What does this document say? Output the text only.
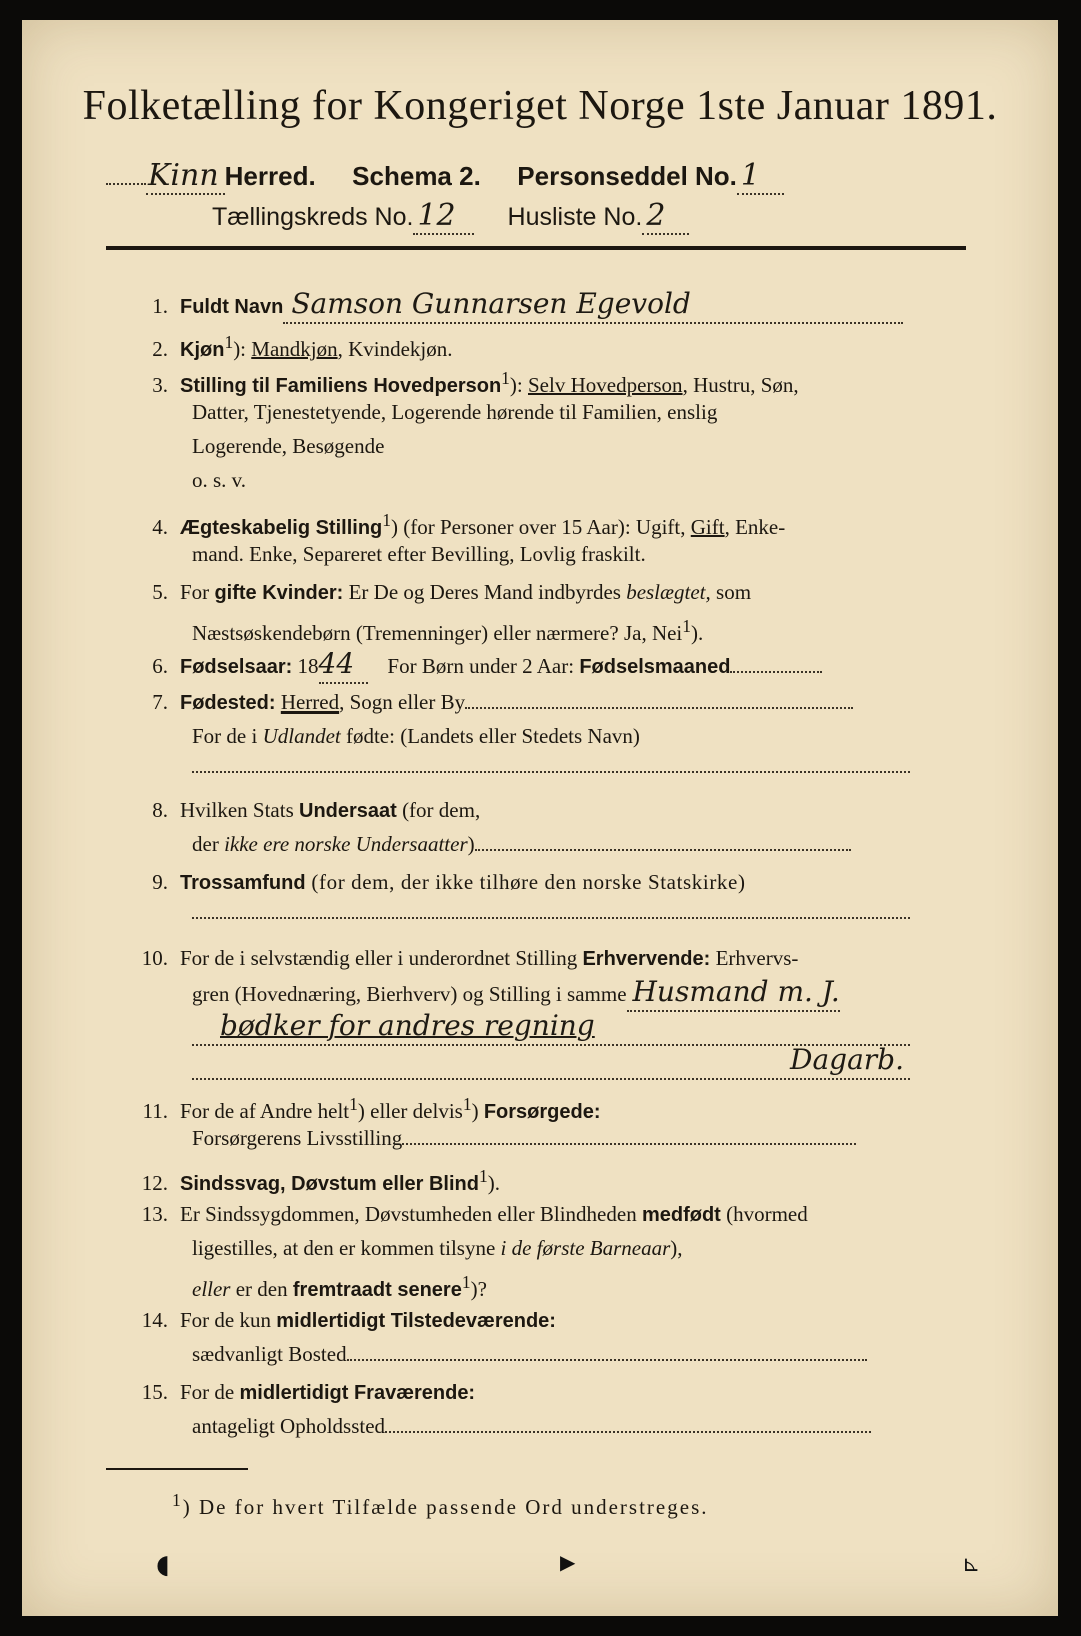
Folketælling for Kongeriget Norge 1ste Januar 1891.
Kinn Herred. Schema 2. Personseddel No. 1
Tællingskreds No. 12 Husliste No. 2
1. Fuldt Navn Samson Gunnarsen Egevold
2. Kjøn$^1$): Mandkjøn, Kvindekjøn.
3. Stilling til Familiens Hovedperson$^1$): Selv Hovedperson, Hustru, Søn,
Datter, Tjenestetyende, Logerende hørende til Familien, enslig
Logerende, Besøgende
o. s. v.
4. Ægteskabelig Stilling$^1$) (for Personer over 15 Aar): Ugift, Gift, Enke-
mand. Enke, Separeret efter Bevilling, Lovlig fraskilt.
5. For gifte Kvinder: Er De og Deres Mand indbyrdes beslægtet, som
Næstsøskendebørn (Tremenninger) eller nærmere? Ja, Nei$^1$).
6. Fødselsaar: 1844 For Børn under 2 Aar: Fødselsmaaned
7. Fødested: Herred, Sogn eller By
For de i Udlandet fødte: (Landets eller Stedets Navn)
8. Hvilken Stats Undersaat (for dem,
der ikke ere norske Undersaatter)
9. Trossamfund (for dem, der ikke tilhøre den norske Statskirke)
10. For de i selvstændig eller i underordnet Stilling Erhvervende: Erhvervs-
gren (Hovednæring, Bierhverv) og Stilling i samme Husmand m. J.
bødker for andres regning
Dagarb.
11. For de af Andre helt$^1$) eller delvis$^1$) Forsørgede:
Forsørgerens Livsstilling
12. Sindssvag, Døvstum eller Blind$^1$).
13. Er Sindssygdommen, Døvstumheden eller Blindheden medfødt (hvormed
ligestilles, at den er kommen tilsyne i de første Barneaar),
eller er den fremtraadt senere$^1$)?
14. For de kun midlertidigt Tilstedeværende:
sædvanligt Bosted
15. For de midlertidigt Fraværende:
antageligt Opholdssted
$^1$) De for hvert Tilfælde passende Ord understreges.
◖	▶	⊾
